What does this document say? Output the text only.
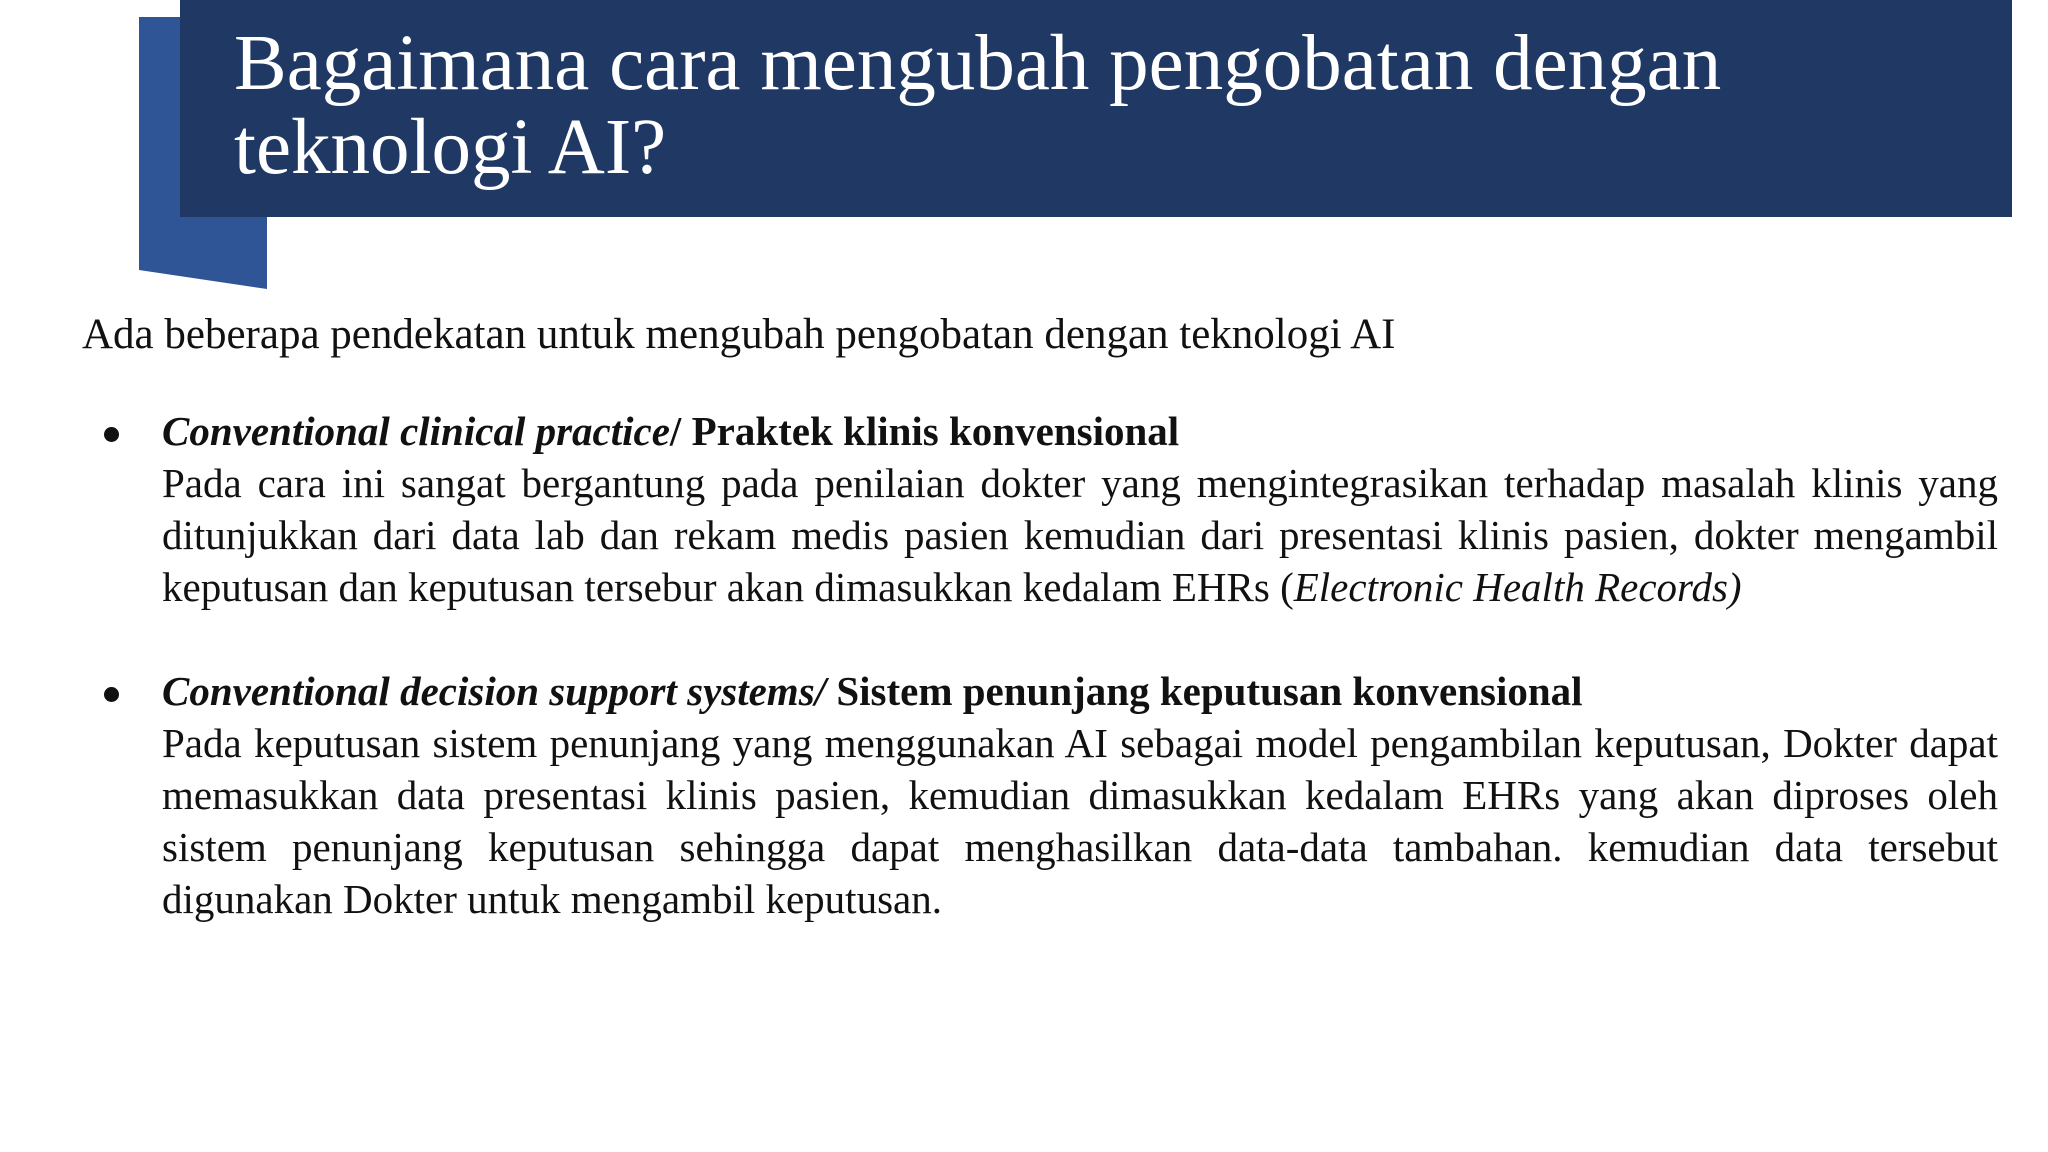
Bagaimana cara mengubah pengobatan dengan teknologi AI?

Ada beberapa pendekatan untuk mengubah pengobatan dengan teknologi AI

Conventional clinical practice/ Praktek klinis konvensional

Pada cara ini sangat bergantung pada penilaian dokter yang mengintegrasikan terhadap masalah klinis yang ditunjukkan dari data lab dan rekam medis pasien kemudian dari presentasi klinis pasien, dokter mengambil keputusan dan keputusan tersebur akan dimasukkan kedalam EHRs (Electronic Health Records)

Conventional decision support systems/ Sistem penunjang keputusan konvensional

Pada keputusan sistem penunjang yang menggunakan AI sebagai model pengambilan keputusan, Dokter dapat memasukkan data presentasi klinis pasien, kemudian dimasukkan kedalam EHRs yang akan diproses oleh sistem penunjang keputusan sehingga dapat menghasilkan data-data tambahan. kemudian data tersebut digunakan Dokter untuk mengambil keputusan.
